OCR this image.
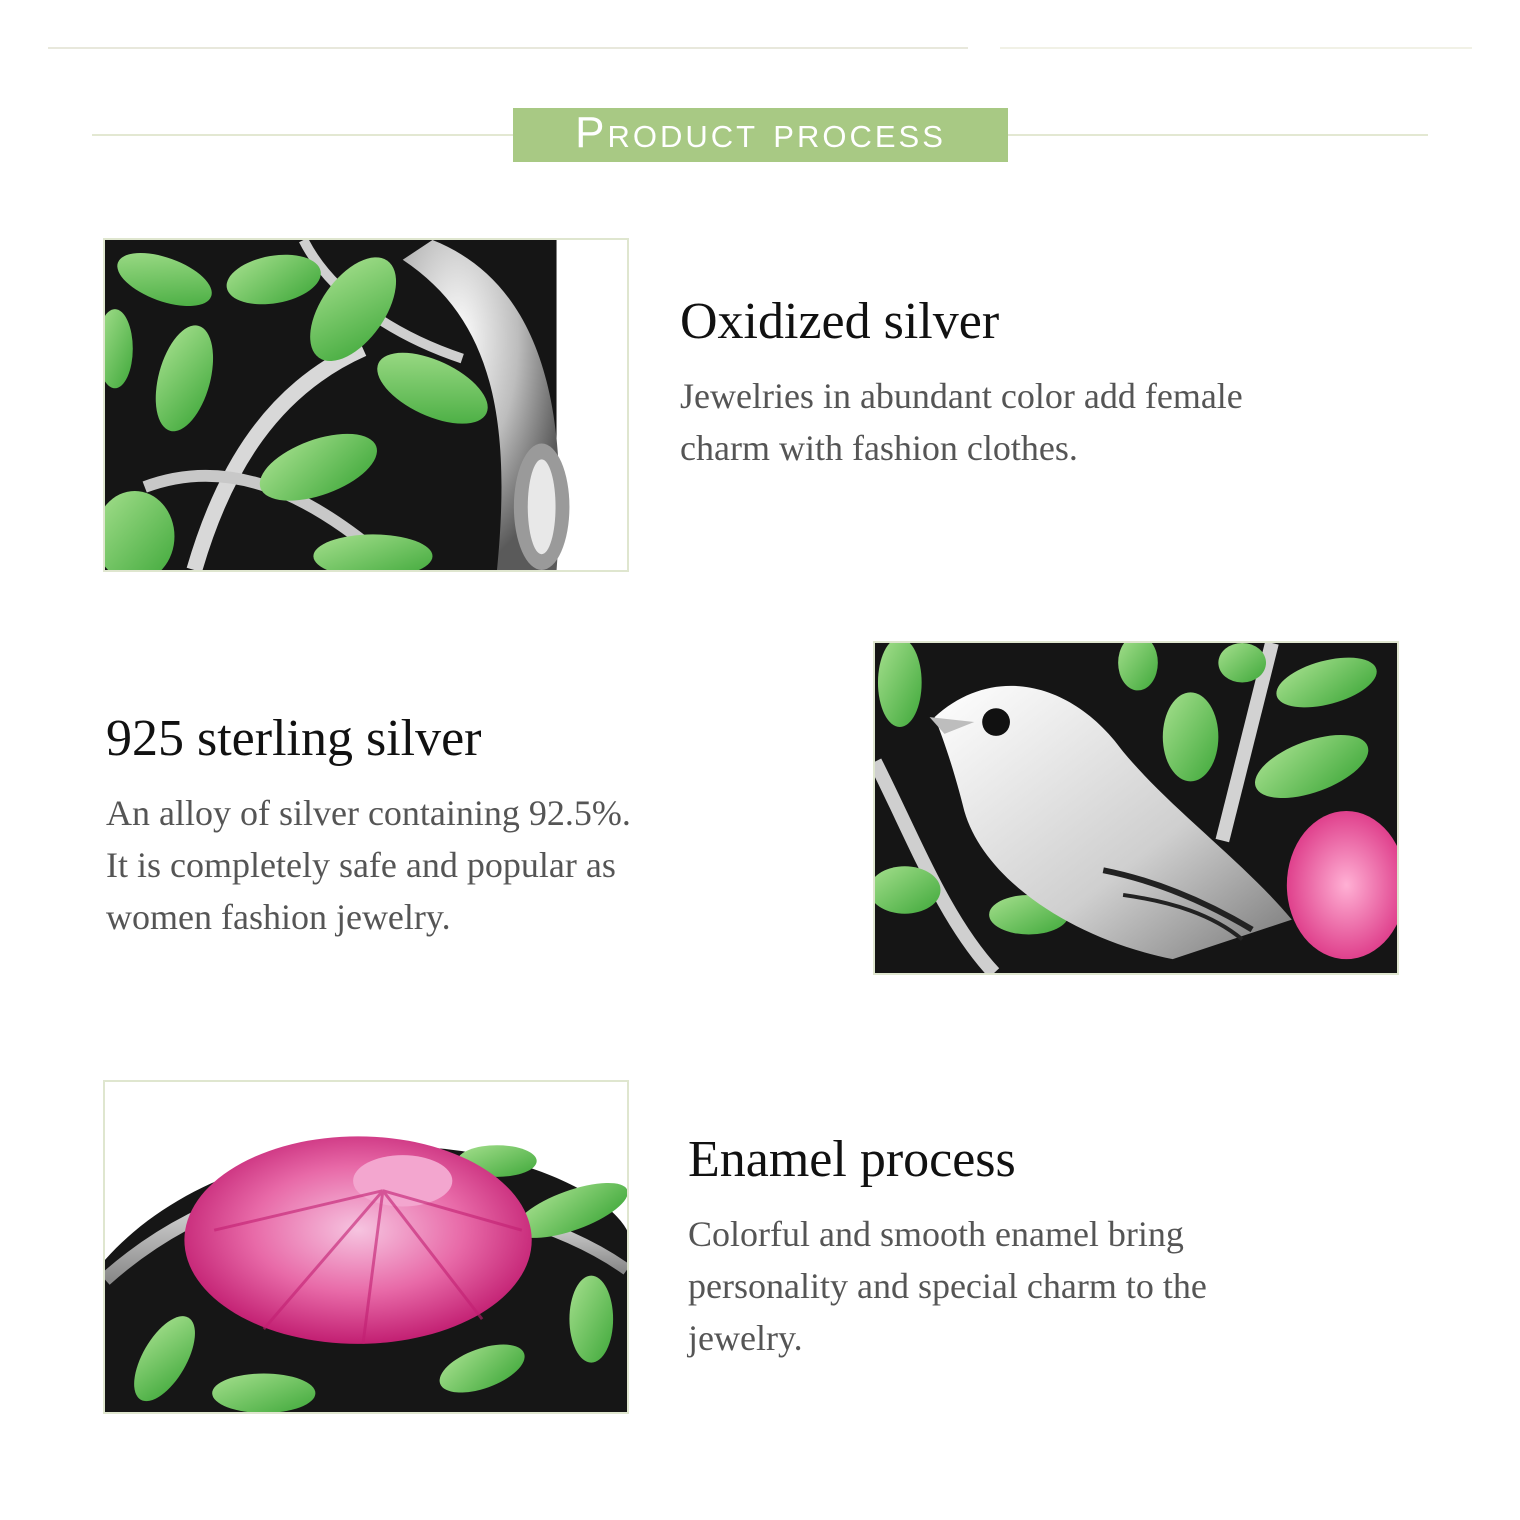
Product process
Oxidized silver
Jewelries in abundant color add female
charm with fashion clothes.
925 sterling silver
An alloy of silver containing 92.5%.
It is completely safe and popular as
women fashion jewelry.
Enamel process
Colorful and smooth enamel bring
personality and special charm to the
jewelry.
